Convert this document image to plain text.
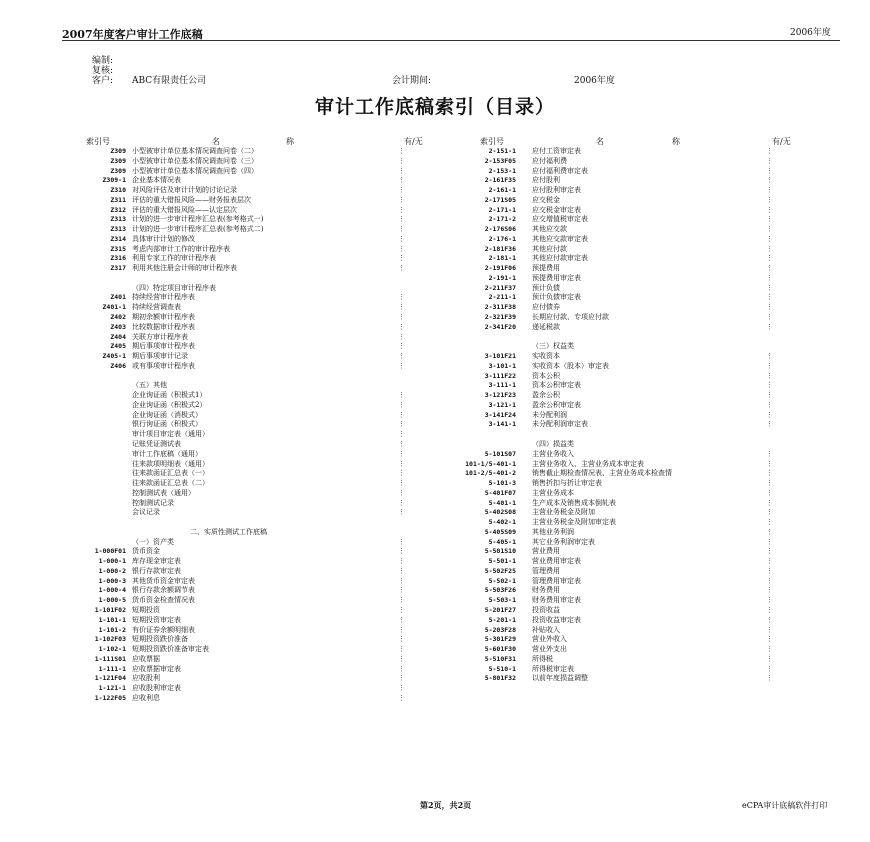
2007年度客户审计工作底稿	2006年度
编制:
复核:
客户: ABC有限责任公司	会计期间:	2006年度
审计工作底稿索引（目录）
索引号	名	称	有/无	索引号	名	称	有/无
Z309 小型被审计单位基本情况调查问卷（二）	⋮
Z309 小型被审计单位基本情况调查问卷（三）	⋮
Z309 小型被审计单位基本情况调查问卷（四）	⋮
Z309-1 企业基本情况表	⋮
Z310 对风险评估及审计计划的讨论记录	⋮
Z311 评估的重大错报风险——财务报表层次	⋮
Z312 评估的重大错报风险——认定层次	⋮
Z313 计划的进一步审计程序汇总表(参考格式一)	⋮
Z313 计划的进一步审计程序汇总表(参考格式二)	⋮
Z314 具体审计计划的修改	⋮
Z315 考虑内部审计工作的审计程序表	⋮
Z316 利用专家工作的审计程序表	⋮
Z317 利用其他注册会计师的审计程序表	⋮
（四）特定项目审计程序表
Z401 持续经营审计程序表	⋮
Z401-1 持续经营调查表	⋮
Z402 期初余额审计程序表	⋮
Z403 比较数据审计程序表	⋮
Z404 关联方审计程序表	⋮
Z405 期后事项审计程序表	⋮
Z405-1 期后事项审计记录	⋮
Z406 或有事项审计程序表	⋮
（五）其他
企业询证函（积极式1）	⋮
企业询证函（积极式2）	⋮
企业询证函（消极式）	⋮
银行询证函（积极式）	⋮
审计项目审定表（通用）	⋮
记账凭证测试表	⋮
审计工作底稿（通用）	⋮
往来款项明细表（通用）	⋮
往来款函证汇总表（一）	⋮
往来款函证汇总表（二）	⋮
控制测试表（通用）	⋮
控制测试记录	⋮
会议记录	⋮
二、实质性测试工作底稿
（一）资产类	⋮
1-000F01 货币资金	⋮
1-000-1 库存现金审定表	⋮
1-000-2 银行存款审定表	⋮
1-000-3 其他货币资金审定表	⋮
1-000-4 银行存款余额调节表	⋮
1-000-5 货币资金检查情况表	⋮
1-101F02 短期投资	⋮
1-101-1 短期投资审定表	⋮
1-101-2 有价证券余额明细表	⋮
1-102F03 短期投资跌价准备	⋮
1-102-1 短期投资跌价准备审定表	⋮
1-111S01 应收票据	⋮
1-111-1 应收票据审定表	⋮
1-121F04 应收股利	⋮
1-121-1 应收股利审定表	⋮
1-122F05 应收利息	⋮
2-151-1 应付工资审定表	⋮
2-153F05 应付福利费	⋮
2-153-1 应付福利费审定表	⋮
2-161F35 应付股利	⋮
2-161-1 应付股利审定表	⋮
2-171S05 应交税金	⋮
2-171-1 应交税金审定表	⋮
2-171-2 应交增值税审定表	⋮
2-176S06 其他应交款	⋮
2-176-1 其他应交款审定表	⋮
2-181F36 其他应付款	⋮
2-181-1 其他应付款审定表	⋮
2-191F06 预提费用	⋮
2-191-1 预提费用审定表	⋮
2-211F37 预计负债	⋮
2-211-1 预计负债审定表	⋮
2-311F38 应付债券	⋮
2-321F39 长期应付款、专项应付款	⋮
2-341F20 递延税款	⋮
（三）权益类
3-101F21 实收资本	⋮
3-101-1 实收资本（股本）审定表	⋮
3-111F22 资本公积	⋮
3-111-1 资本公积审定表	⋮
3-121F23 盈余公积	⋮
3-121-1 盈余公积审定表	⋮
3-141F24 未分配利润	⋮
3-141-1 未分配利润审定表	⋮
（四）损益类
5-101S07 主营业务收入	⋮
101-1/5-401-1 主营业务收入、主营业务成本审定表	⋮
101-2/5-401-2 销售截止期检查情况表、主营业务成本检查情	⋮
5-101-3 销售折扣与折让审定表	⋮
5-401F07 主营业务成本	⋮
5-401-1 生产成本及销售成本倒轧表	⋮
5-402S08 主营业务税金及附加	⋮
5-402-1 主营业务税金及附加审定表	⋮
5-405S09 其他业务利润	⋮
5-405-1 其它业务利润审定表	⋮
5-501S10 营业费用	⋮
5-501-1 营业费用审定表	⋮
5-502F25 管理费用	⋮
5-502-1 管理费用审定表	⋮
5-503F26 财务费用	⋮
5-503-1 财务费用审定表	⋮
5-201F27 投资收益	⋮
5-201-1 投资收益审定表	⋮
5-203F28 补贴收入	⋮
5-301F29 营业外收入	⋮
5-601F30 营业外支出	⋮
5-510F31 所得税	⋮
5-510-1 所得税审定表	⋮
5-801F32 以前年度损益调整	⋮
第2页，共2页	eCPA审计底稿软件打印
